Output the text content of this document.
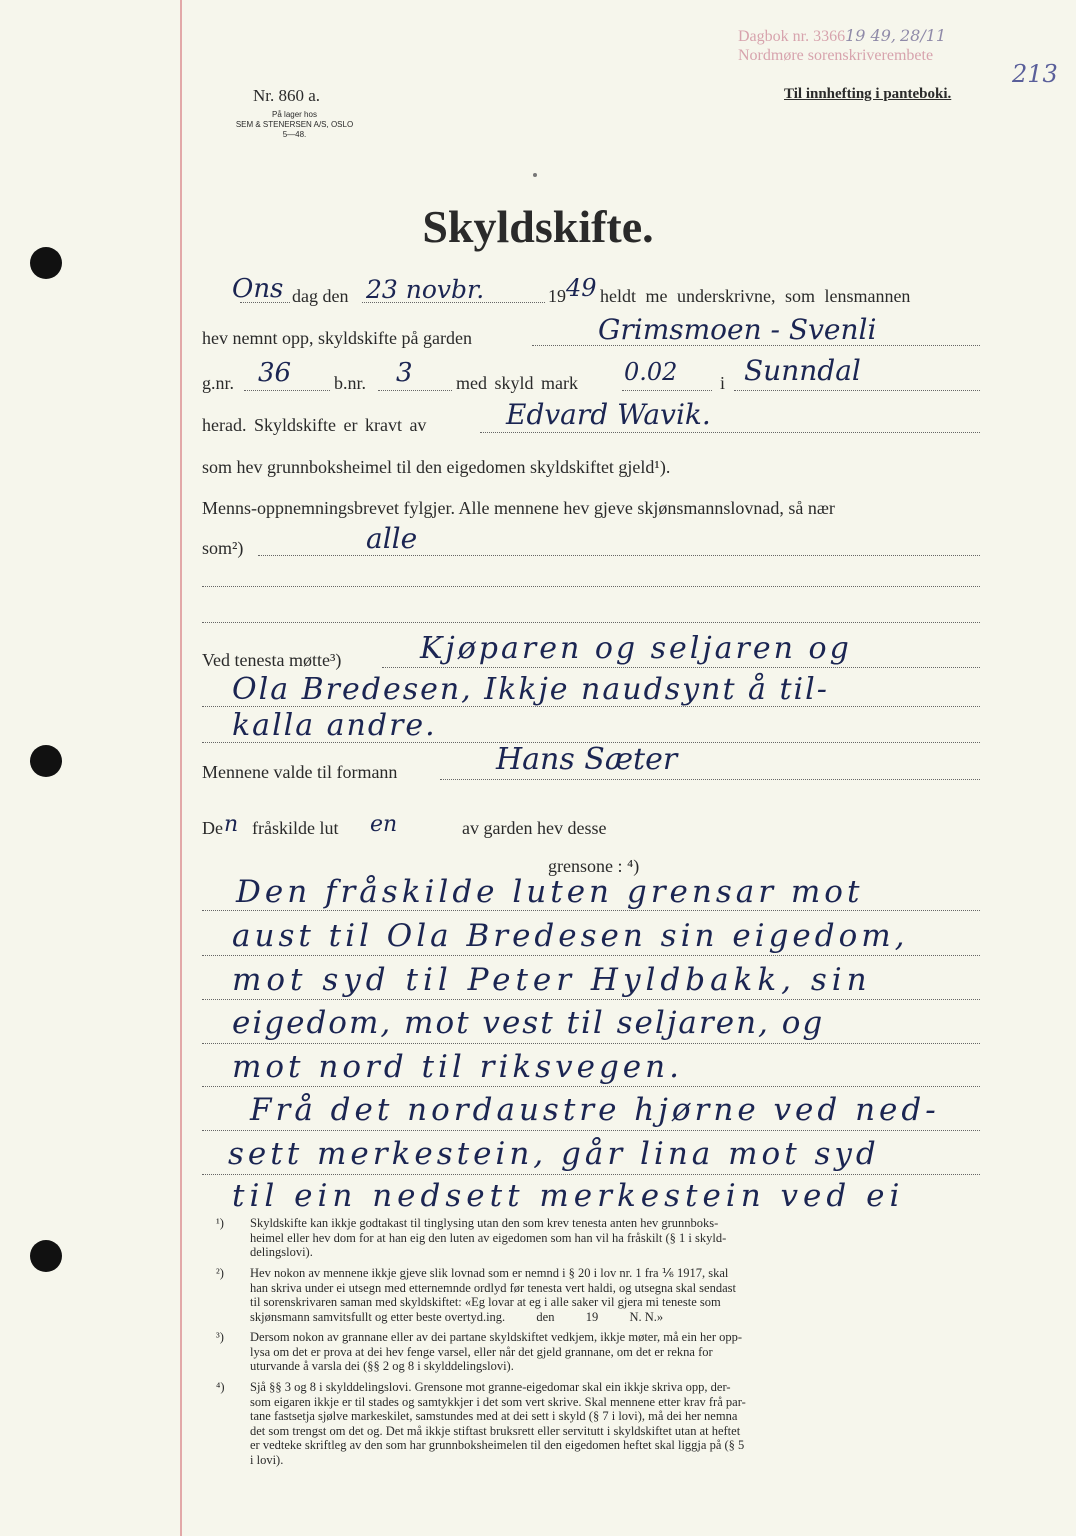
Dagbok nr. 336619 49, 28/11
Nordmøre sorenskriverembete
213
Nr. 860 a.
På lager hos
SEM & STENERSEN A/S, OSLO
5—48.
Til innhefting i panteboki.
Skyldskifte.
Ons dag den 23 novbr.	19 49 heldt me underskrivne, som lensmannen
hev nemnt opp, skyldskifte på garden	Grimsmoen - Svenli
g.nr. 36 b.nr. 3 med skyld mark 0.02 i Sunndal
herad. Skyldskifte er kravt av	Edvard Wavik.
som hev grunnboksheimel til den eigedomen skyldskiftet gjeld¹).
Menns-oppnemningsbrevet fylgjer. Alle mennene hev gjeve skjønsmannslovnad, så nær
som²)	alle
Ved tenesta møtte³)	Kjøparen og seljaren og
Ola Bredesen, Ikkje naudsynt å til-
kalla andre.
Mennene valde til formann	Hans Sæter
De n fråskilde lut en	av garden hev desse
grensone : ⁴)
Den fråskilde luten grensar mot
aust til Ola Bredesen sin eigedom,
mot syd til Peter Hyldbakk, sin
eigedom, mot vest til seljaren, og
mot nord til riksvegen.
Frå det nordaustre hjørne ved ned-
sett merkestein, går lina mot syd
til ein nedsett merkestein ved ei
¹) Skyldskifte kan ikkje godtakast til tinglysing utan den som krev tenesta anten hev grunnboks-
heimel eller hev dom for at han eig den luten av eigedomen som han vil ha fråskilt (§ 1 i skyld-
delingslovi).
²) Hev nokon av mennene ikkje gjeve slik lovnad som er nemnd i § 20 i lov nr. 1 fra ⅙ 1917, skal
han skriva under ei utsegn med etternemnde ordlyd før tenesta vert haldi, og utsegna skal sendast
til sorenskrivaren saman med skyldskiftet: «Eg lovar at eg i alle saker vil gjera mi teneste som
skjønsmann samvitsfullt og etter beste overtyd.ing.          den          19          N. N.»
³) Dersom nokon av grannane eller av dei partane skyldskiftet vedkjem, ikkje møter, må ein her opp-
lysa om det er prova at dei hev fenge varsel, eller når det gjeld grannane, om det er rekna for
uturvande å varsla dei (§§ 2 og 8 i skylddelingslovi).
⁴) Sjå §§ 3 og 8 i skylddelingslovi. Grensone mot granne-eigedomar skal ein ikkje skriva opp, der-
som eigaren ikkje er til stades og samtykkjer i det som vert skrive. Skal mennene etter krav frå par-
tane fastsetja sjølve markeskilet, samstundes med at dei sett i skyld (§ 7 i lovi), må dei her nemna
det som trengst om det og. Det må ikkje stiftast bruksrett eller servitutt i skyldskiftet utan at heftet
er vedteke skriftleg av den som har grunnboksheimelen til den eigedomen heftet skal liggja på (§ 5
i lovi).
